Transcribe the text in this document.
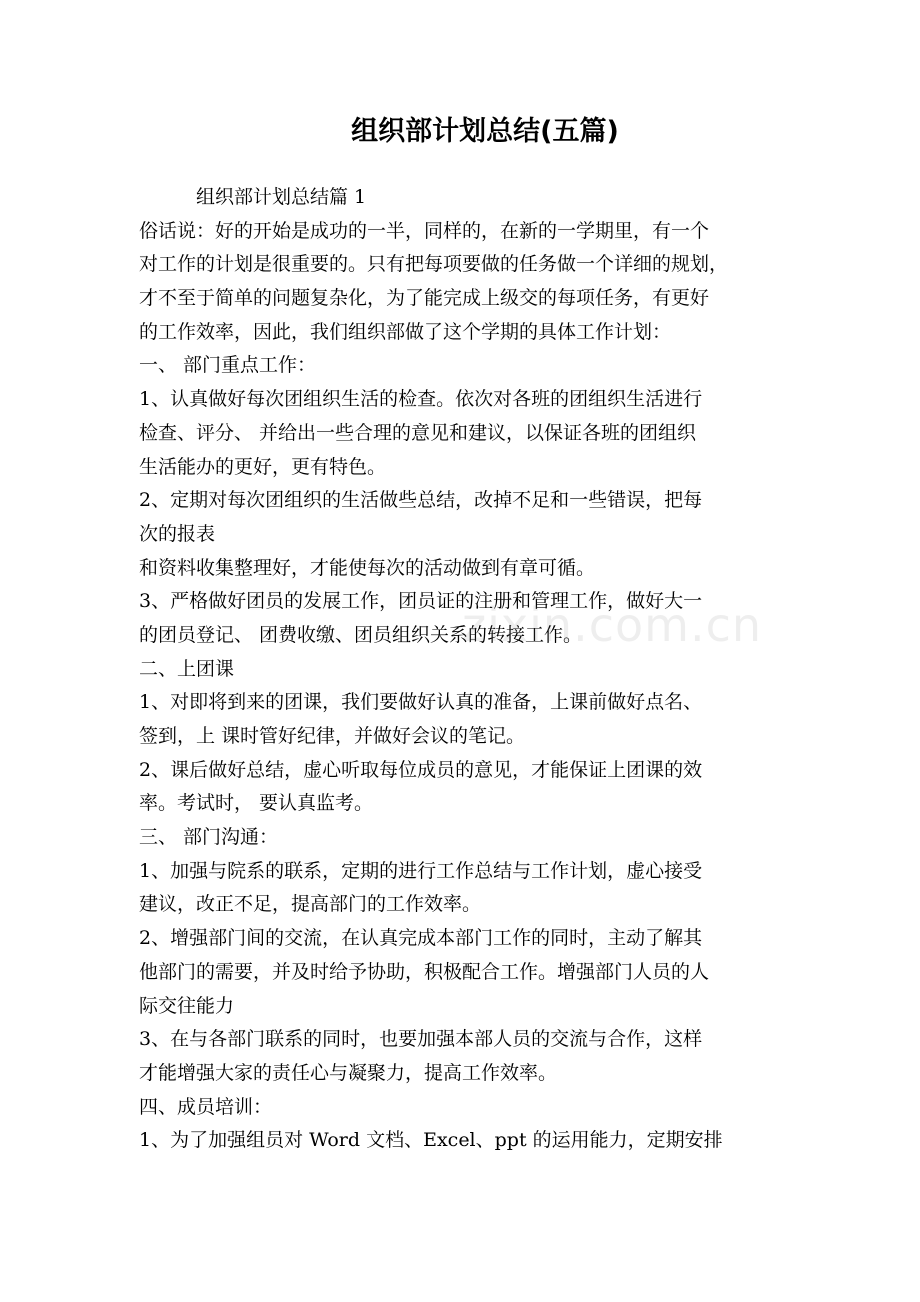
组织部计划总结(五篇)
组织部计划总结篇 1
俗话说：好的开始是成功的一半，同样的，在新的一学期里，有一个
对工作的计划是很重要的。只有把每项要做的任务做一个详细的规划，
才不至于简单的问题复杂化，为了能完成上级交的每项任务，有更好
的工作效率，因此，我们组织部做了这个学期的具体工作计划：
一、 部门重点工作：
1、认真做好每次团组织生活的检查。依次对各班的团组织生活进行
检查、评分、 并给出一些合理的意见和建议，以保证各班的团组织
生活能办的更好，更有特色。
2、定期对每次团组织的生活做些总结，改掉不足和一些错误，把每
次的报表
和资料收集整理好，才能使每次的活动做到有章可循。
3、严格做好团员的发展工作，团员证的注册和管理工作，做好大一
的团员登记、 团费收缴、团员组织关系的转接工作。
二、上团课
1、对即将到来的团课，我们要做好认真的准备，上课前做好点名、
签到，上 课时管好纪律，并做好会议的笔记。
2、课后做好总结，虚心听取每位成员的意见，才能保证上团课的效
率。考试时， 要认真监考。
三、 部门沟通：
1、加强与院系的联系，定期的进行工作总结与工作计划，虚心接受
建议，改正不足，提高部门的工作效率。
2、增强部门间的交流，在认真完成本部门工作的同时，主动了解其
他部门的需要，并及时给予协助，积极配合工作。增强部门人员的人
际交往能力
3、在与各部门联系的同时，也要加强本部人员的交流与合作，这样
才能增强大家的责任心与凝聚力，提高工作效率。
四、成员培训：
1、为了加强组员对 Word 文档、Excel、ppt 的运用能力，定期安排
zixin.com.cn
